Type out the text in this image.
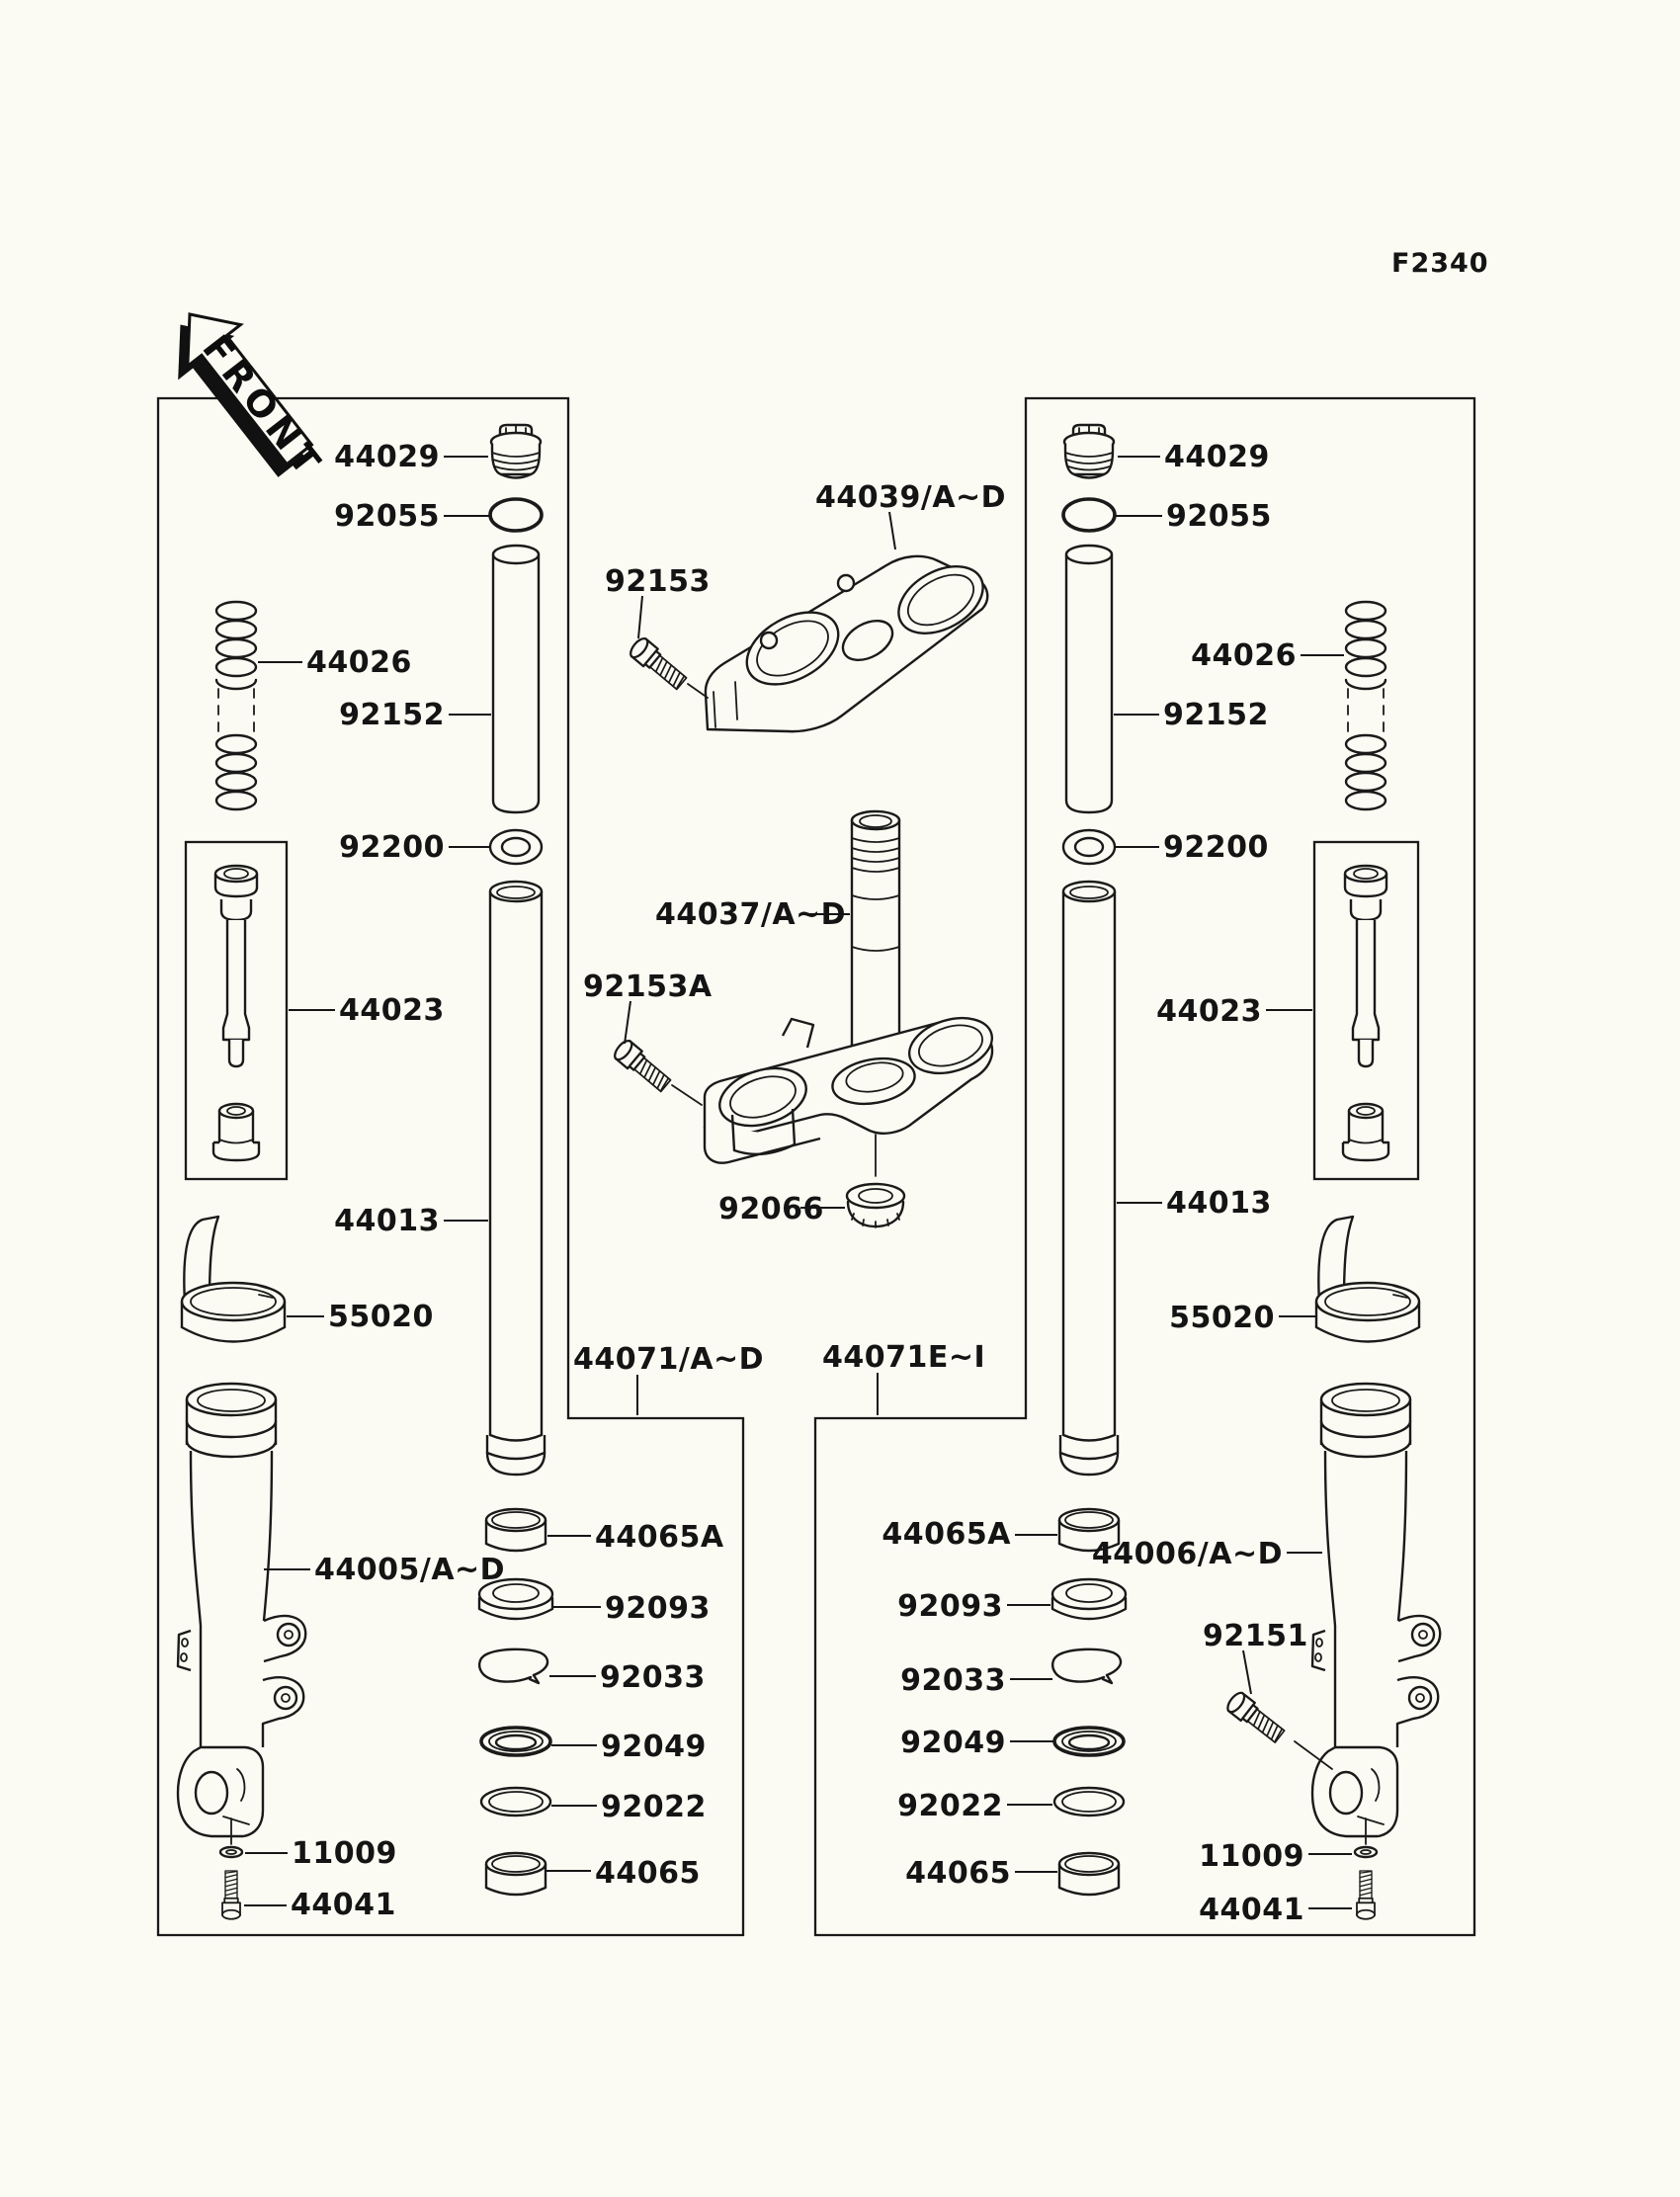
FRONT
F2340
44029
92055
44026
92152
92200
44023
44013
55020
44005/A~D
11009
44041
44065A
92093
92033
92049
92022
44065
92153
44039/A~D
44037/A~D
92153A
92066
44071/A~D 44071E~I
44029
92055
44026
92152
92200
44023
44013
55020
44006/A~D
92151
11009
44041
44065A
92093
92033
92049
92022
44065
